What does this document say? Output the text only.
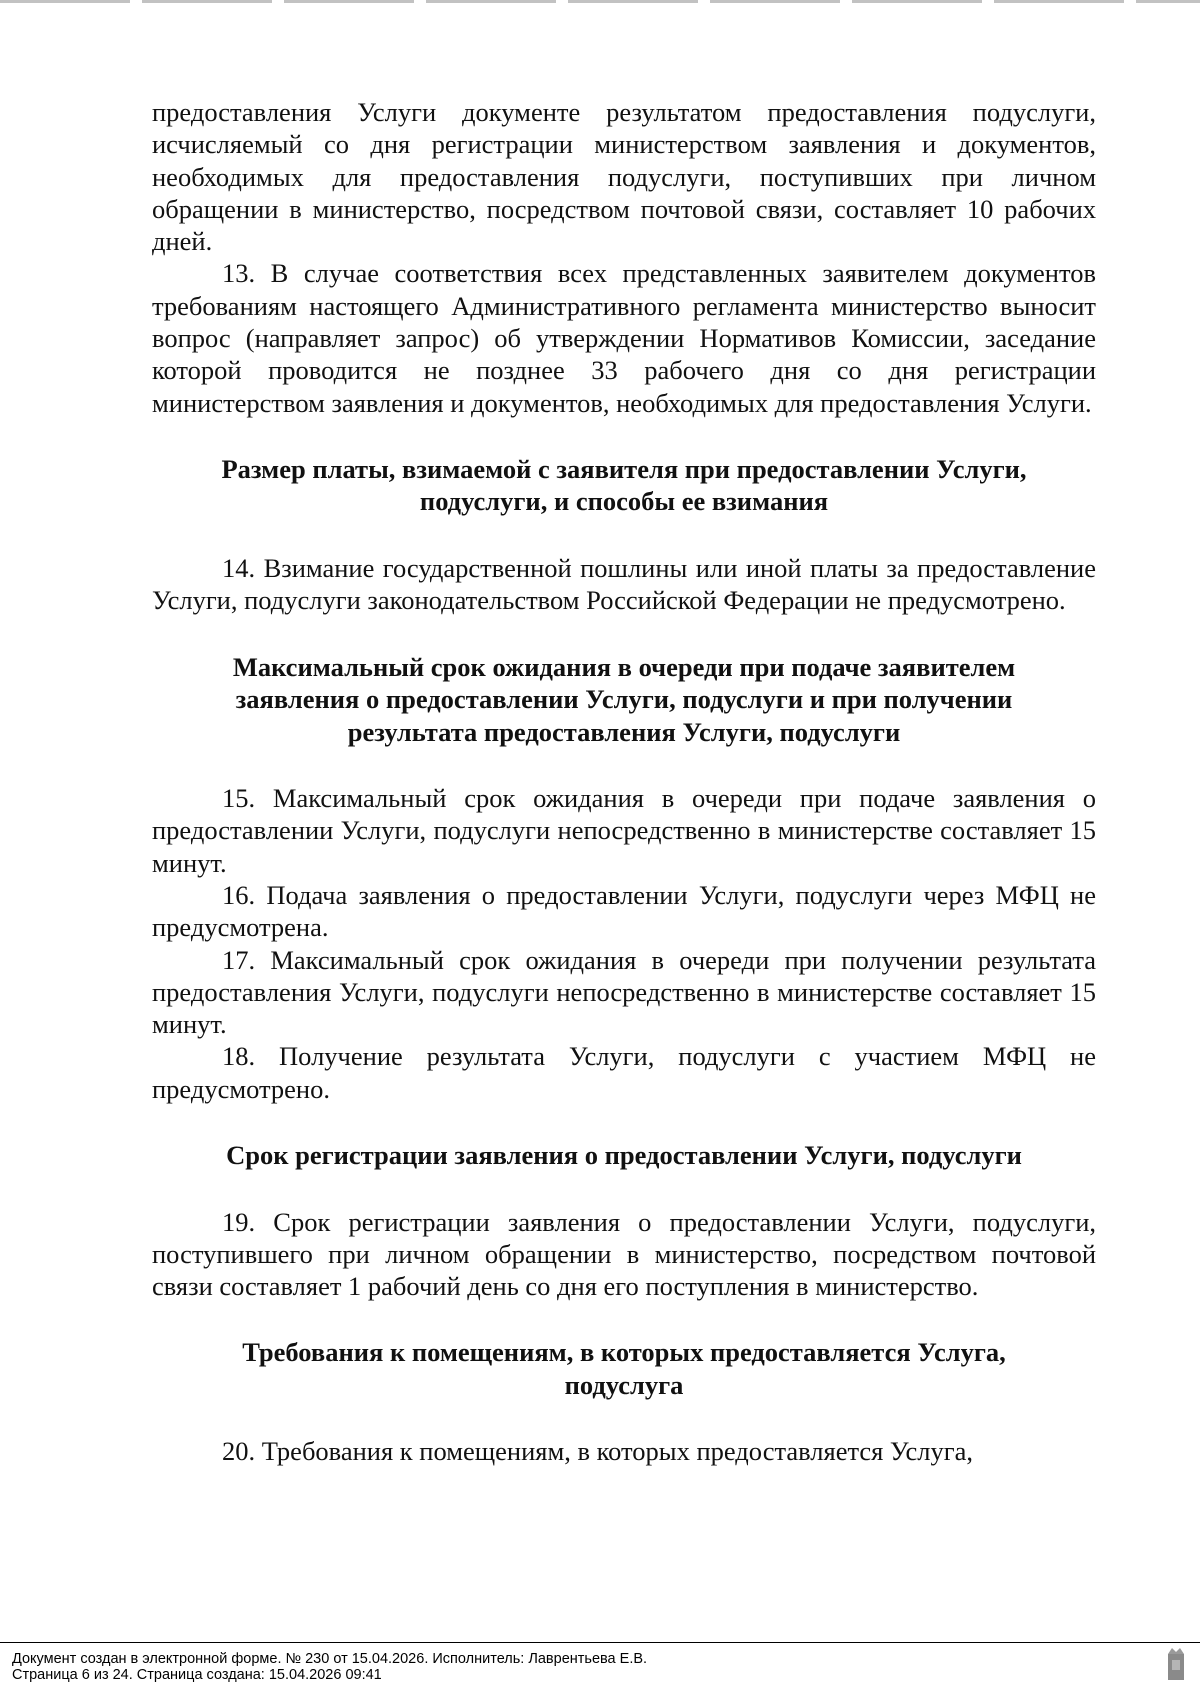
предоставления Услуги документе результатом предоставления подуслуги, исчисляемый со дня регистрации министерством заявления и документов, необходимых для предоставления подуслуги, поступивших при личном обращении в министерство, посредством почтовой связи, составляет 10 рабочих дней.

13. В случае соответствия всех представленных заявителем документов требованиям настоящего Административного регламента министерство выносит вопрос (направляет запрос) об утверждении Нормативов Комиссии, заседание которой проводится не позднее 33 рабочего дня со дня регистрации министерством заявления и документов, необходимых для предоставления Услуги.

Размер платы, взимаемой с заявителя при предоставлении Услуги, подуслуги, и способы ее взимания

14. Взимание государственной пошлины или иной платы за предоставление Услуги, подуслуги законодательством Российской Федерации не предусмотрено.

Максимальный срок ожидания в очереди при подаче заявителем заявления о предоставлении Услуги, подуслуги и при получении результата предоставления Услуги, подуслуги

15. Максимальный срок ожидания в очереди при подаче заявления о предоставлении Услуги, подуслуги непосредственно в министерстве составляет 15 минут.

16. Подача заявления о предоставлении Услуги, подуслуги через МФЦ не предусмотрена.

17. Максимальный срок ожидания в очереди при получении результата предоставления Услуги, подуслуги непосредственно в министерстве составляет 15 минут.

18. Получение результата Услуги, подуслуги с участием МФЦ не предусмотрено.

Срок регистрации заявления о предоставлении Услуги, подуслуги

19. Срок регистрации заявления о предоставлении Услуги, подуслуги, поступившего при личном обращении в министерство, посредством почтовой связи составляет 1 рабочий день со дня его поступления в министерство.

Требования к помещениям, в которых предоставляется Услуга, подуслуга

20. Требования к помещениям, в которых предоставляется Услуга,

Документ создан в электронной форме. № 230 от 15.04.2026. Исполнитель: Лаврентьева Е.В.
Страница 6 из 24. Страница создана: 15.04.2026 09:41
